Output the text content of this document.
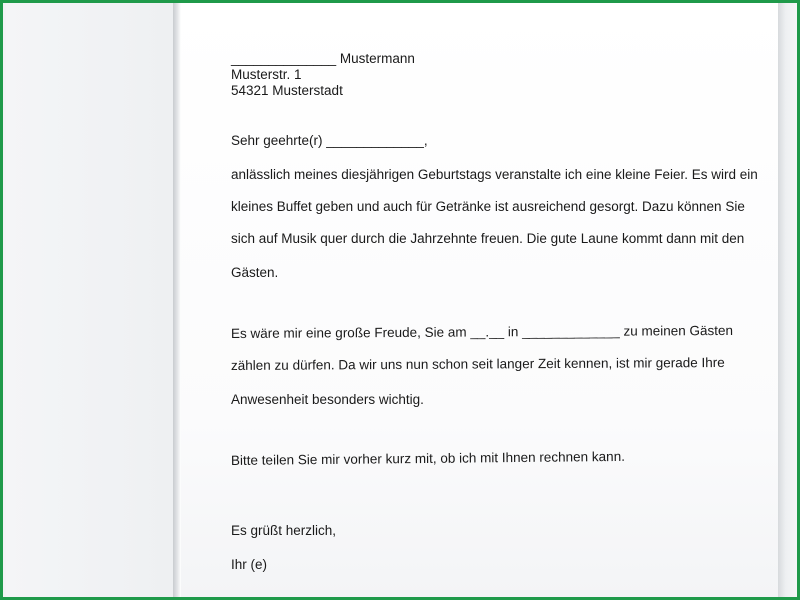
______________ Mustermann
Musterstr. 1
54321 Musterstadt
Sehr geehrte(r) _____________,
anlässlich meines diesjährigen Geburtstags veranstalte ich eine kleine Feier. Es wird ein
kleines Buffet geben und auch für Getränke ist ausreichend gesorgt. Dazu können Sie
sich auf Musik quer durch die Jahrzehnte freuen. Die gute Laune kommt dann mit den
Gästen.
Es wäre mir eine große Freude, Sie am __.__ in _____________ zu meinen Gästen
zählen zu dürfen. Da wir uns nun schon seit langer Zeit kennen, ist mir gerade Ihre
Anwesenheit besonders wichtig.
Bitte teilen Sie mir vorher kurz mit, ob ich mit Ihnen rechnen kann.
Es grüßt herzlich,
Ihr (e)
